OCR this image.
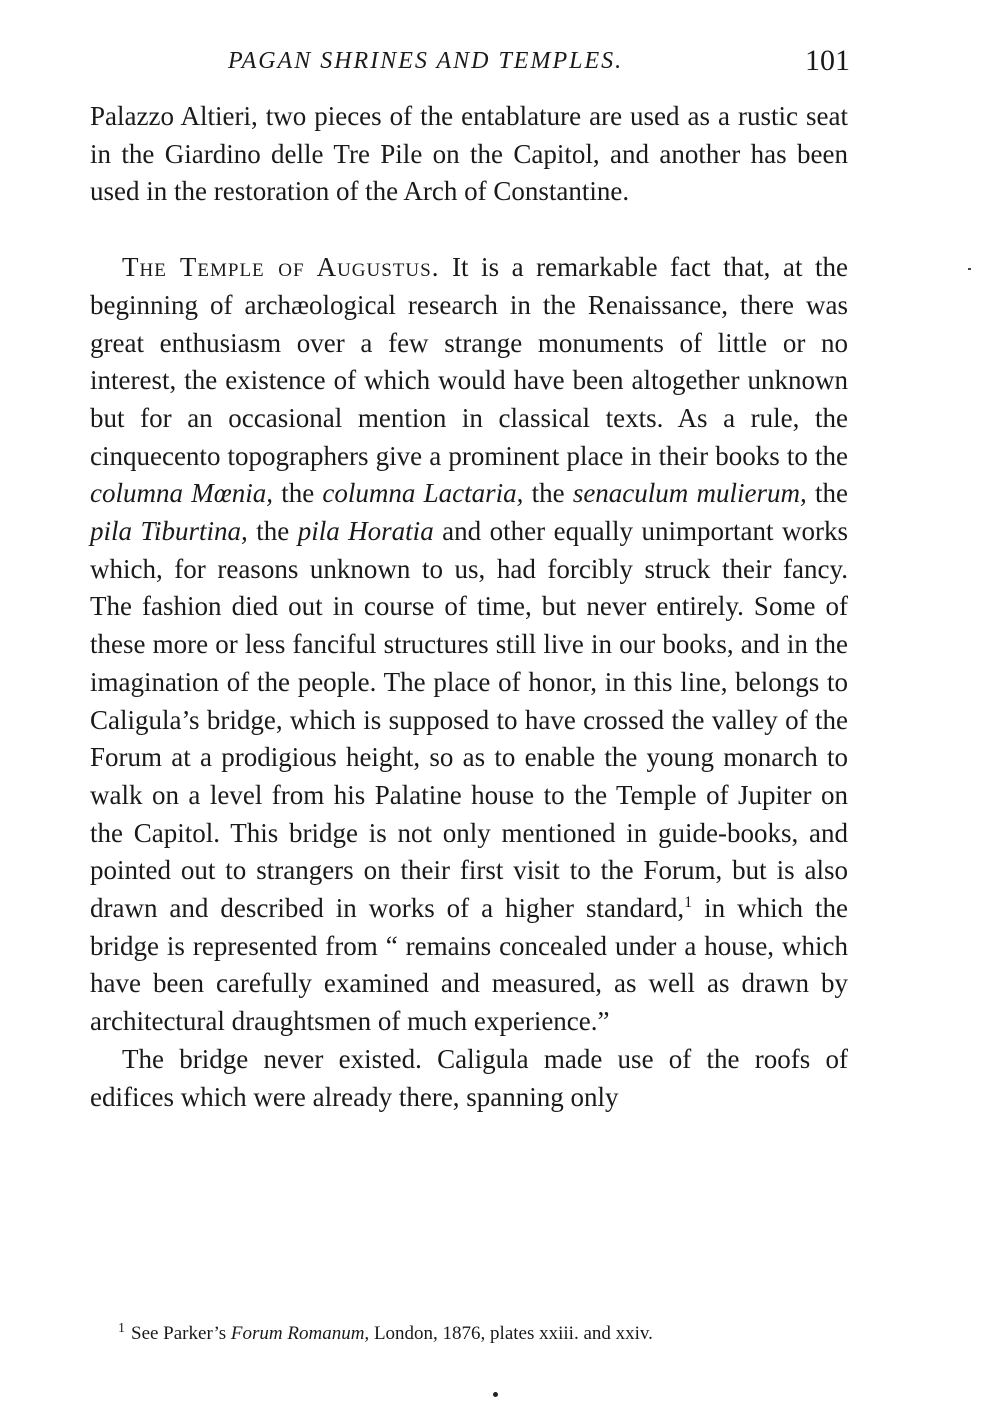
PAGAN SHRINES AND TEMPLES.	101

Palazzo Altieri, two pieces of the entablature are used as a rustic seat in the Giardino delle Tre Pile on the Capitol, and another has been used in the restoration of the Arch of Constantine.

The Temple of Augustus. It is a remarkable fact that, at the beginning of archæological research in the Renaissance, there was great enthusiasm over a few strange monuments of little or no interest, the existence of which would have been altogether unknown but for an occasional mention in classical texts. As a rule, the cinquecento topographers give a prominent place in their books to the columna Mœnia, the columna Lactaria, the senaculum mulierum, the pila Tiburtina, the pila Horatia and other equally unimportant works which, for reasons unknown to us, had forcibly struck their fancy. The fashion died out in course of time, but never entirely. Some of these more or less fanciful structures still live in our books, and in the imagination of the people. The place of honor, in this line, belongs to Caligula’s bridge, which is supposed to have crossed the valley of the Forum at a prodigious height, so as to enable the young monarch to walk on a level from his Palatine house to the Temple of Jupiter on the Capitol. This bridge is not only mentioned in guide-books, and pointed out to strangers on their first visit to the Forum, but is also drawn and described in works of a higher standard,$^1$ in which the bridge is represented from “ remains concealed under a house, which have been carefully examined and measured, as well as drawn by architectural draughtsmen of much experience.”

The bridge never existed. Caligula made use of the roofs of edifices which were already there, spanning only

$^1$ See Parker’s Forum Romanum, London, 1876, plates xxiii. and xxiv.
